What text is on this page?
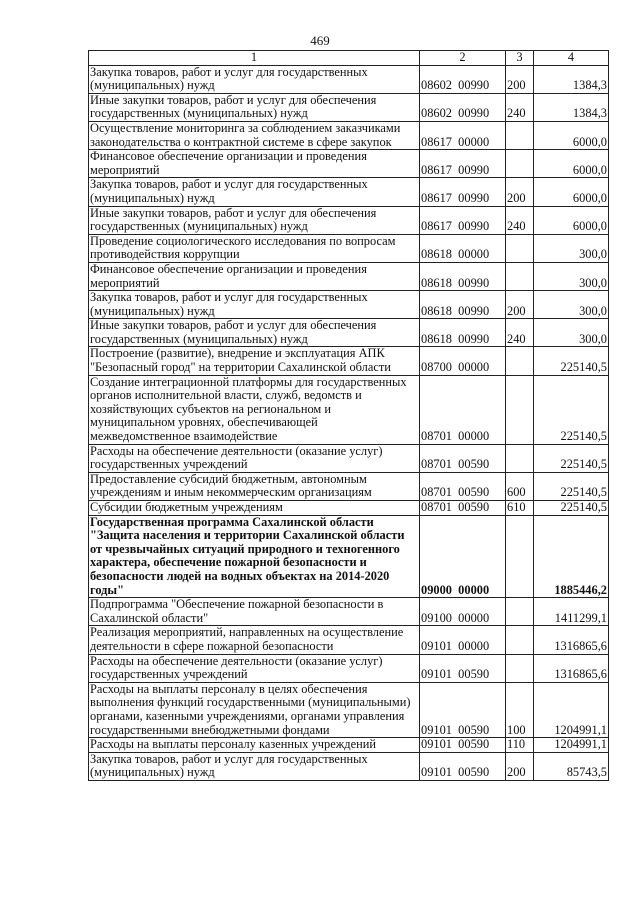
469
1	2	3	4
Закупка товаров, работ и услуг для государственных (муниципальных) нужд	08602  00990	200	1384,3
Иные закупки товаров, работ и услуг для обеспечения государственных (муниципальных) нужд	08602  00990	240	1384,3
Осуществление мониторинга за соблюдением заказчиками законодательства о контрактной системе в сфере закупок	08617  00000		6000,0
Финансовое обеспечение организации и проведения мероприятий	08617  00990		6000,0
Закупка товаров, работ и услуг для государственных (муниципальных) нужд	08617  00990	200	6000,0
Иные закупки товаров, работ и услуг для обеспечения государственных (муниципальных) нужд	08617  00990	240	6000,0
Проведение социологического исследования по вопросам противодействия коррупции	08618  00000		300,0
Финансовое обеспечение организации и проведения мероприятий	08618  00990		300,0
Закупка товаров, работ и услуг для государственных (муниципальных) нужд	08618  00990	200	300,0
Иные закупки товаров, работ и услуг для обеспечения государственных (муниципальных) нужд	08618  00990	240	300,0
Построение (развитие), внедрение и эксплуатация АПК "Безопасный город" на территории Сахалинской области	08700  00000		225140,5
Создание интеграционной платформы для государственных органов исполнительной власти, служб, ведомств и хозяйствующих субъектов на региональном и муниципальном уровнях, обеспечивающей межведомственное взаимодействие	08701  00000		225140,5
Расходы на обеспечение деятельности (оказание услуг) государственных учреждений	08701  00590		225140,5
Предоставление субсидий бюджетным, автономным учреждениям и иным некоммерческим организациям	08701  00590	600	225140,5
Субсидии бюджетным учреждениям	08701  00590	610	225140,5
Государственная программа Сахалинской области "Защита населения и территории Сахалинской области от чрезвычайных ситуаций природного и техногенного характера, обеспечение пожарной безопасности и безопасности людей на водных объектах на 2014-2020 годы"	09000  00000		1885446,2
Подпрограмма "Обеспечение пожарной безопасности в Сахалинской области"	09100  00000		1411299,1
Реализация мероприятий, направленных на осуществление деятельности в сфере пожарной безопасности	09101  00000		1316865,6
Расходы на обеспечение деятельности (оказание услуг) государственных учреждений	09101  00590		1316865,6
Расходы на выплаты персоналу в целях обеспечения выполнения функций государственными (муниципальными) органами, казенными учреждениями, органами управления государственными внебюджетными фондами	09101  00590	100	1204991,1
Расходы на выплаты персоналу казенных учреждений	09101  00590	110	1204991,1
Закупка товаров, работ и услуг для государственных (муниципальных) нужд	09101  00590	200	85743,5
